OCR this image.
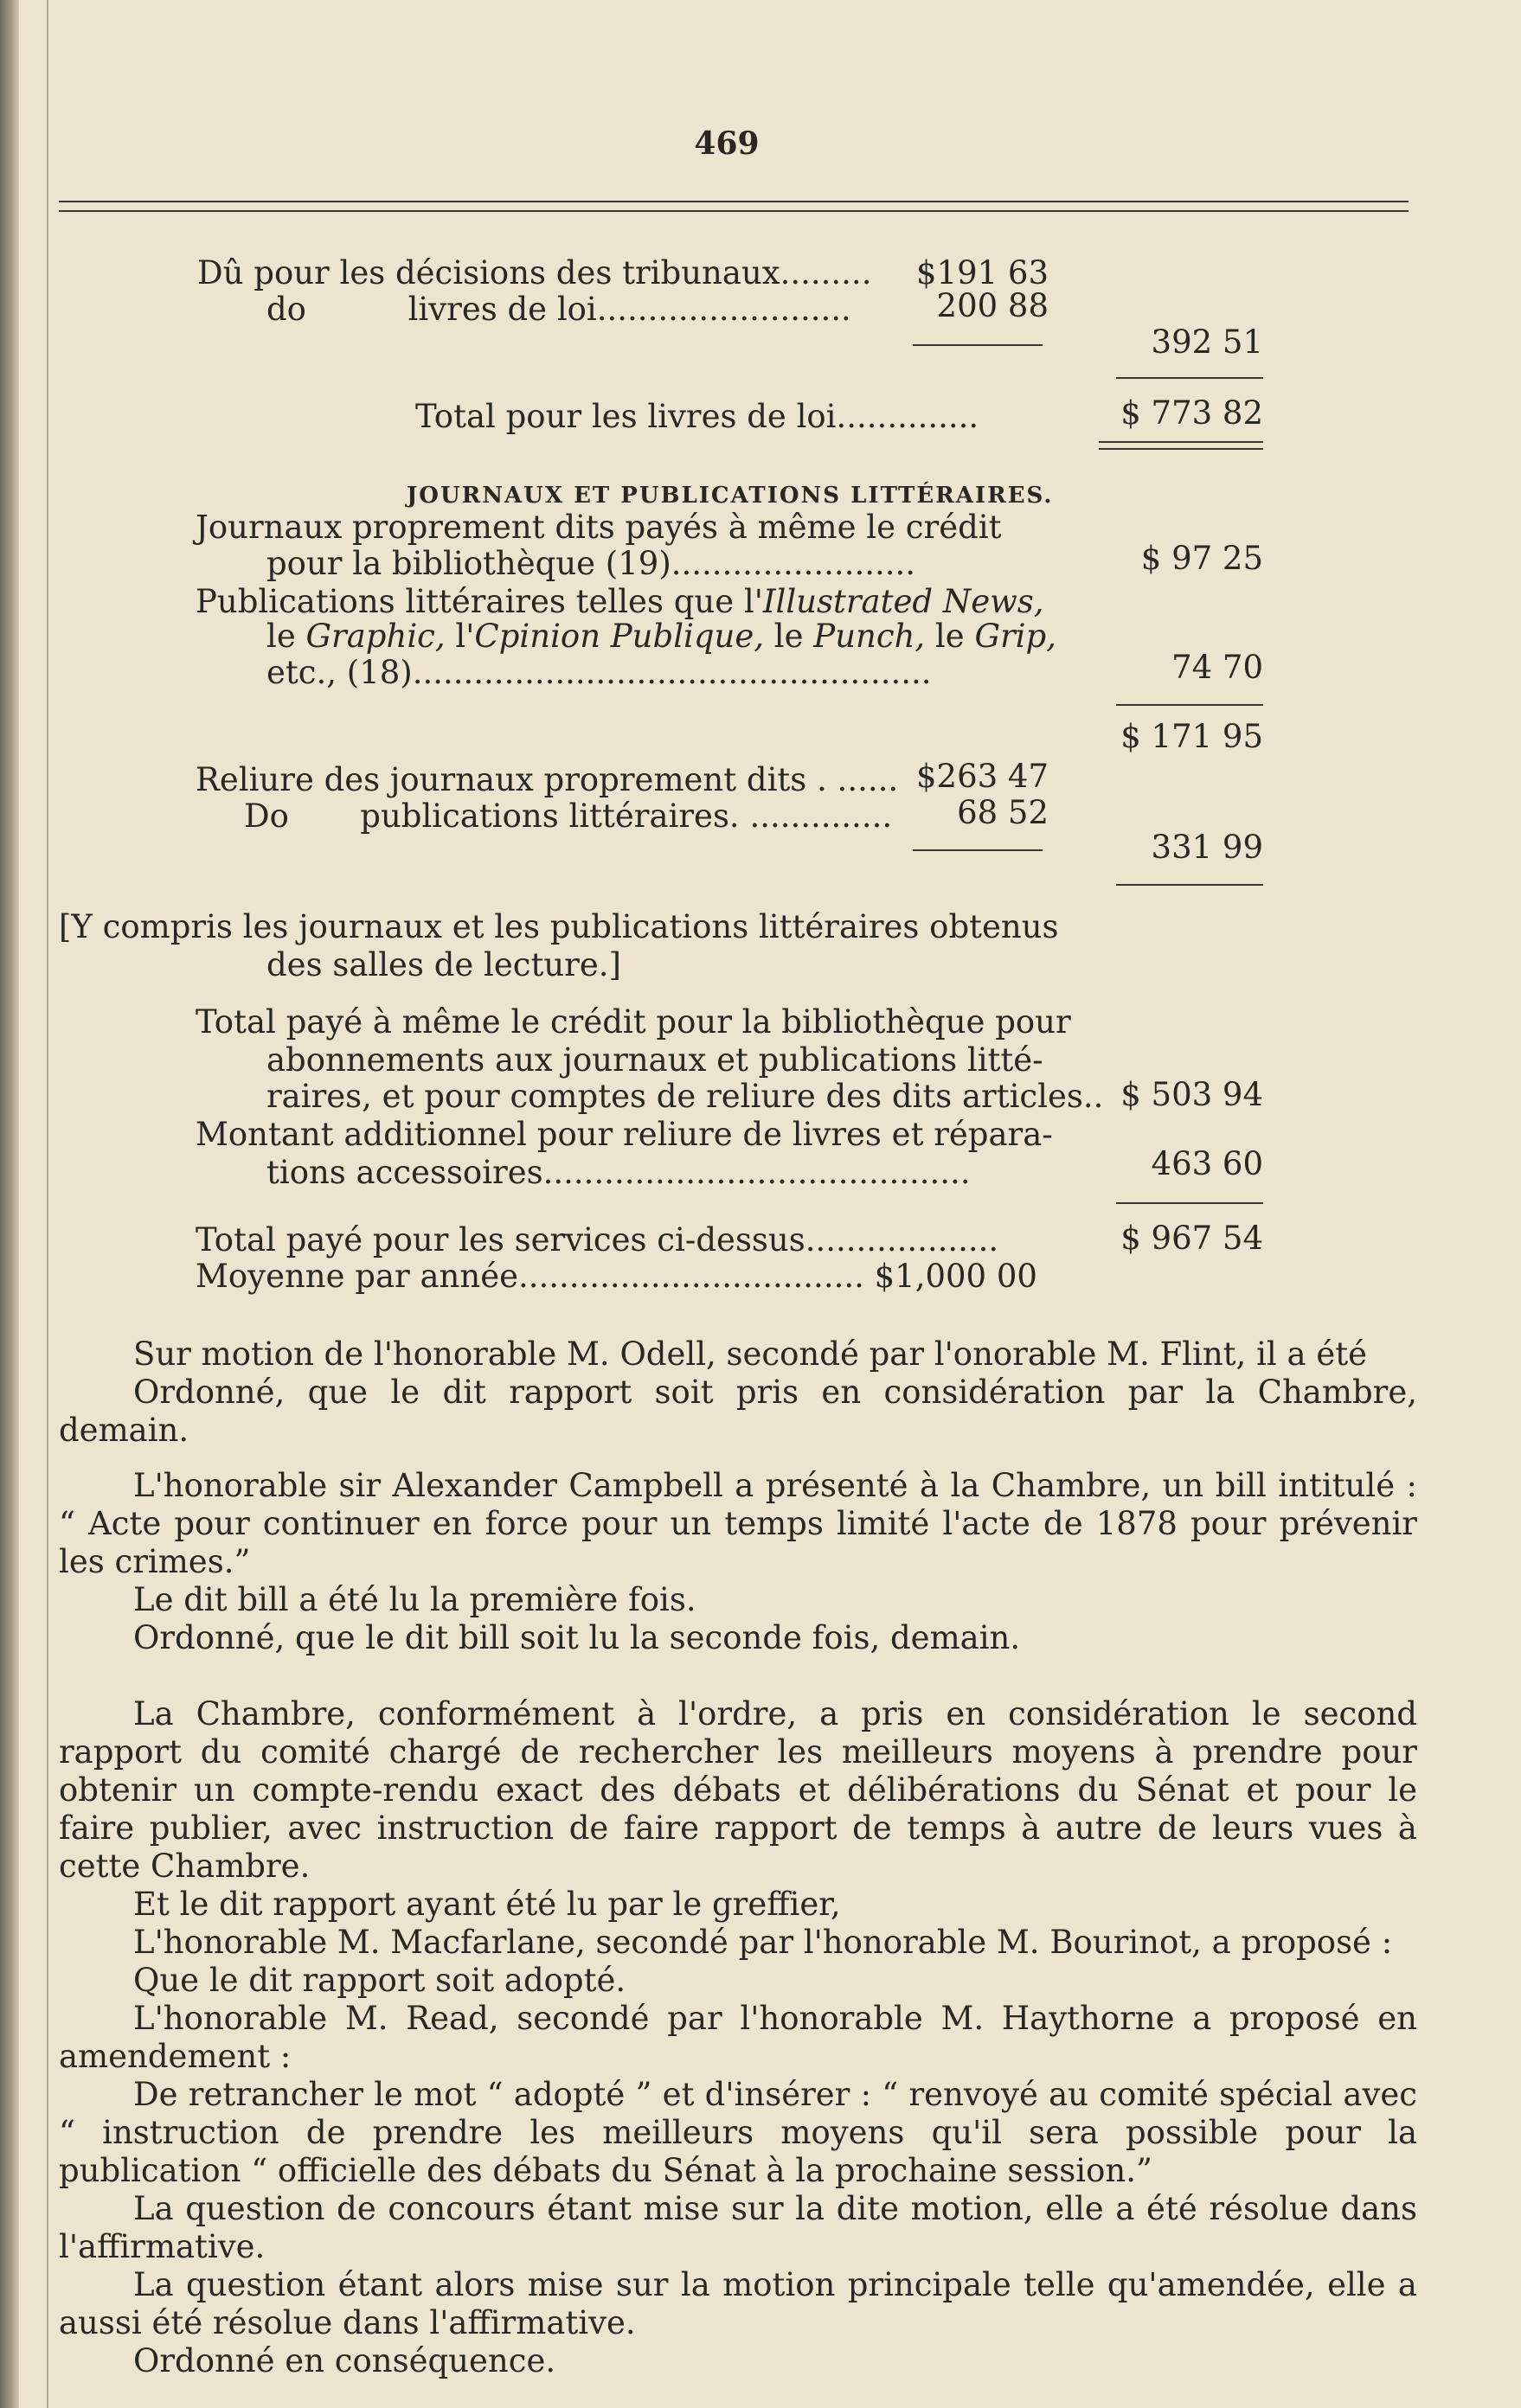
469
Dû pour les décisions des tribunaux.........	$191 63
do          livres de loi.........................	200 88
392 51
Total pour les livres de loi..............	$ 773 82
JOURNAUX ET PUBLICATIONS LITTÉRAIRES.
Journaux proprement dits payés à même le crédit
pour la bibliothèque (19)........................	$ 97 25
Publications littéraires telles que l'Illustrated News,
le Graphic, l'Cpinion Publique, le Punch, le Grip,
etc., (18)...................................................	74 70
$ 171 95
Reliure des journaux proprement dits . ...... $263 47
Do       publications littéraires. ..............	68 52
331 99
[Y compris les journaux et les publications littéraires obtenus
des salles de lecture.]
Total payé à même le crédit pour la bibliothèque pour
abonnements aux journaux et publications litté-
raires, et pour comptes de reliure des dits articles.. $ 503 94
Montant additionnel pour reliure de livres et répara-
tions accessoires..........................................	463 60
Total payé pour les services ci-dessus...................	$ 967 54
Moyenne par année.................................. $1,000 00

Sur motion de l'honorable M. Odell, secondé par l'onorable M. Flint, il a été

Ordonné, que le dit rapport soit pris en considération par la Chambre, demain.

L'honorable sir Alexander Campbell a présenté à la Chambre, un bill intitulé : “ Acte pour continuer en force pour un temps limité l'acte de 1878 pour prévenir les crimes.”

Le dit bill a été lu la première fois.

Ordonné, que le dit bill soit lu la seconde fois, demain.

La Chambre, conformément à l'ordre, a pris en considération le second rapport du comité chargé de rechercher les meilleurs moyens à prendre pour obtenir un compte-rendu exact des débats et délibérations du Sénat et pour le faire publier, avec instruction de faire rapport de temps à autre de leurs vues à cette Chambre.

Et le dit rapport ayant été lu par le greffier,

L'honorable M. Macfarlane, secondé par l'honorable M. Bourinot, a proposé :

Que le dit rapport soit adopté.

L'honorable M. Read, secondé par l'honorable M. Haythorne a proposé en amendement :

De retrancher le mot “ adopté ” et d'insérer : “ renvoyé au comité spécial avec “ instruction de prendre les meilleurs moyens qu'il sera possible pour la publication “ officielle des débats du Sénat à la prochaine session.”

La question de concours étant mise sur la dite motion, elle a été résolue dans l'affirmative.

La question étant alors mise sur la motion principale telle qu'amendée, elle a aussi été résolue dans l'affirmative.

Ordonné en conséquence.
